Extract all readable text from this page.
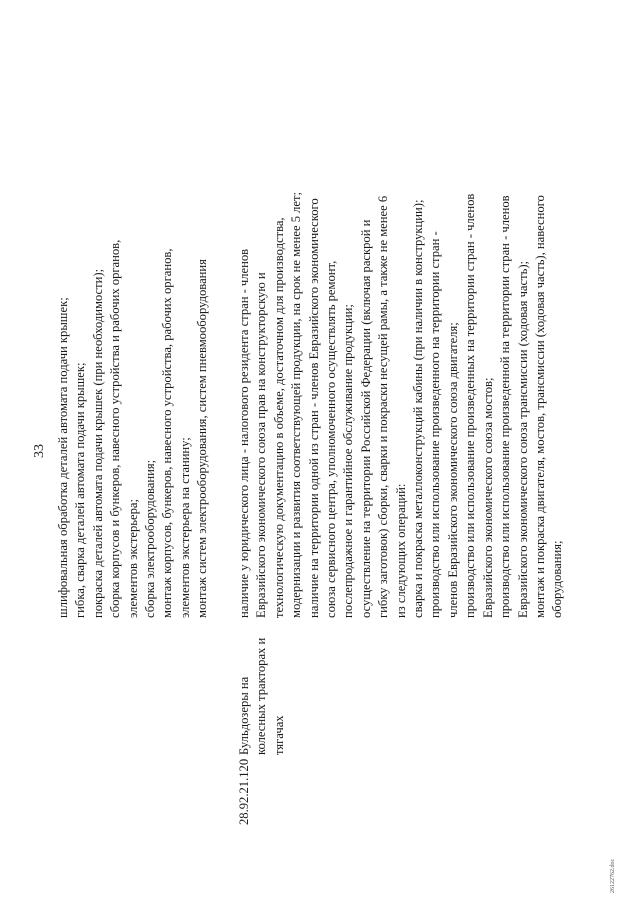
33 шлифовальная обработка деталей автомата подачи крышек; гибка, сварка деталей автомата подачи крышек; покраска деталей автомата подачи крышек (при необходимости); сборка корпусов и бункеров, навесного устройства и рабочих органов, элементов экстерьера; сборка электрооборудования; монтаж корпусов, бункеров, навесного устройства, рабочих органов, элементов экстерьера на станину; монтаж систем электрооборудования, систем пневмооборудования
28.92.21.120
Бульдозеры на колесных тракторах и тягачах
наличие у юридического лица - налогового резидента стран - членов Евразийского экономического союза прав на конструкторскую и технологическую документацию в объеме, достаточном для производства, модернизации и развития соответствующей продукции, на срок не менее 5 лет; наличие на территории одной из стран - членов Евразийского экономического союза сервисного центра, уполномоченного осуществлять ремонт, послепродажное и гарантийное обслуживание продукции; осуществление на территории Российской Федерации (включая раскрой и гибку заготовок) сборки, сварки и покраски несущей рамы, а также не менее 6 из следующих операций: сварка и покраска металлоконструкций кабины (при наличии в конструкции); производство или использование произведенного на территории стран - членов Евразийского экономического союза двигателя; производство или использование произведенных на территории стран - членов Евразийского экономического союза мостов; производство или использование произведенной на территории стран - членов Евразийского экономического союза трансмиссии (ходовая часть); монтаж и покраска двигателя, мостов, трансмиссии (ходовая часть), навесного оборудования;
26122762.doc
